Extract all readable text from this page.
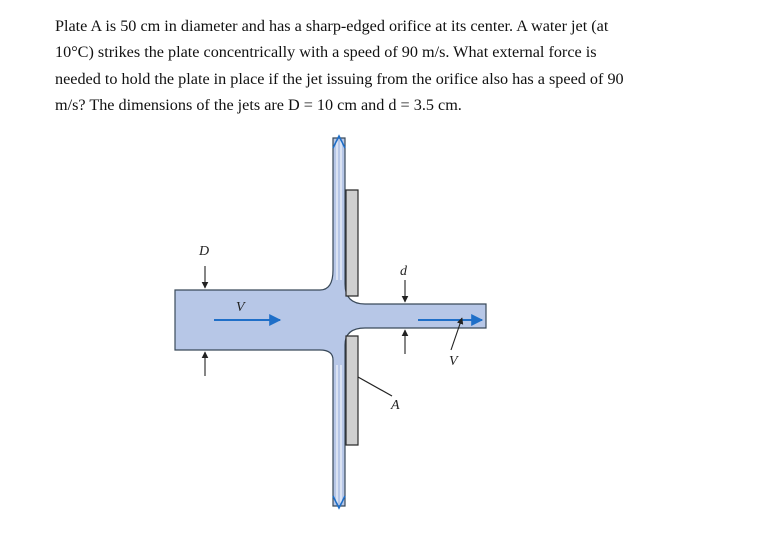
Plate A is 50 cm in diameter and has a sharp-edged orifice at its center. A water jet (at
10°C) strikes the plate concentrically with a speed of 90 m/s. What external force is
needed to hold the plate in place if the jet issuing from the orifice also has a speed of 90
m/s? The dimensions of the jets are D = 10 cm and d = 3.5 cm.

D
V
d
V
A
